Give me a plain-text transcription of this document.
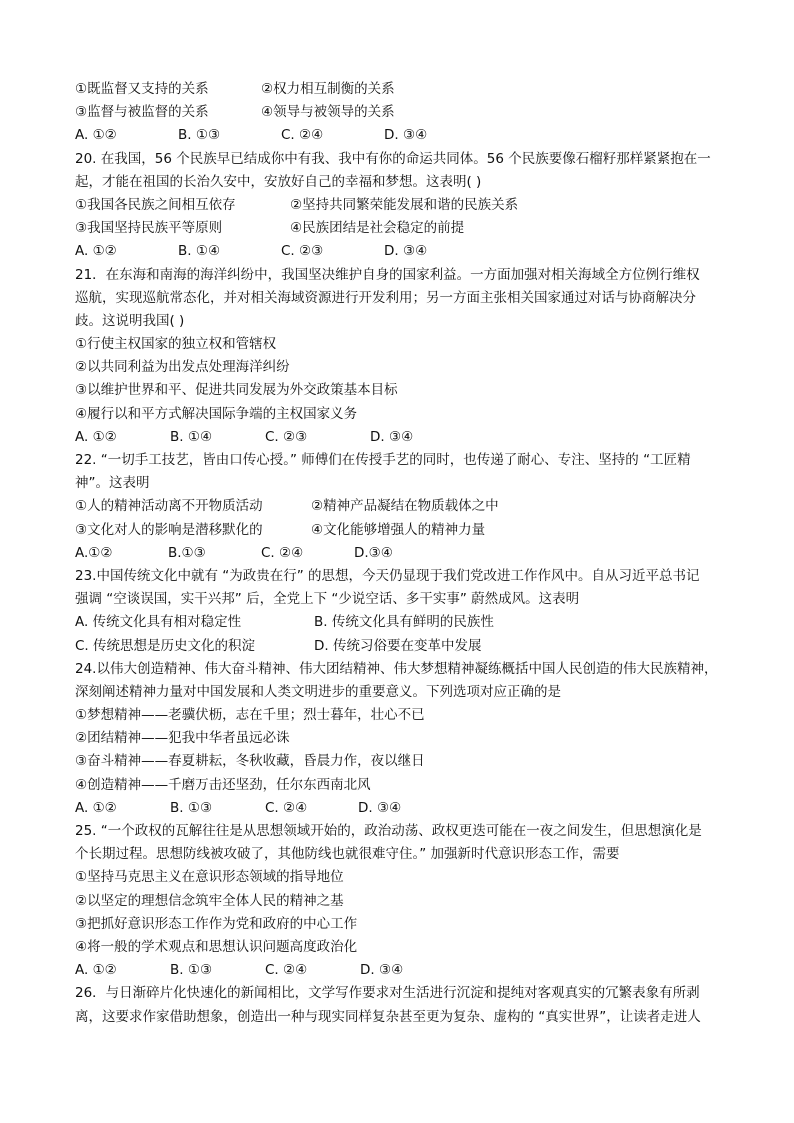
①既监督又支持的关系	②权力相互制衡的关系
③监督与被监督的关系	④领导与被领导的关系
A. ①②	B. ①③	C. ②④	D. ③④
20. 在我国，56 个民族早已结成你中有我、我中有你的命运共同体。56 个民族要像石榴籽那样紧紧抱在一
起，才能在祖国的长治久安中，安放好自己的幸福和梦想。这表明( )
①我国各民族之间相互依存	②坚持共同繁荣能发展和谐的民族关系
③我国坚持民族平等原则	④民族团结是社会稳定的前提
A. ①②	B. ①④	C. ②③	D. ③④
21．在东海和南海的海洋纠纷中，我国坚决维护自身的国家利益。一方面加强对相关海域全方位例行维权
巡航，实现巡航常态化，并对相关海域资源进行开发利用；另一方面主张相关国家通过对话与协商解决分
歧。这说明我国( )
①行使主权国家的独立权和管辖权
②以共同利益为出发点处理海洋纠纷
③以维护世界和平、促进共同发展为外交政策基本目标
④履行以和平方式解决国际争端的主权国家义务
A. ①②	B. ①④	C. ②③	D. ③④
22. “一切手工技艺，皆由口传心授。” 师傅们在传授手艺的同时，也传递了耐心、专注、坚持的 “工匠精
神”。这表明
①人的精神活动离不开物质活动	②精神产品凝结在物质载体之中
③文化对人的影响是潜移默化的	④文化能够增强人的精神力量
A.①②	B.①③	C. ②④	D.③④
23.中国传统文化中就有 “为政贵在行” 的思想，今天仍显现于我们党改进工作作风中。自从习近平总书记
强调 “空谈误国，实干兴邦” 后，全党上下 “少说空话、多干实事” 蔚然成风。这表明
A. 传统文化具有相对稳定性	B. 传统文化具有鲜明的民族性
C. 传统思想是历史文化的积淀	D. 传统习俗要在变革中发展
24.以伟大创造精神、伟大奋斗精神、伟大团结精神、伟大梦想精神凝练概括中国人民创造的伟大民族精神，
深刻阐述精神力量对中国发展和人类文明进步的重要意义。下列选项对应正确的是
①梦想精神——老骥伏枥，志在千里；烈士暮年，壮心不已
②团结精神——犯我中华者虽远必诛
③奋斗精神——春夏耕耘，冬秋收藏，昏晨力作，夜以继日
④创造精神——千磨万击还坚劲，任尔东西南北风
A. ①②	B. ①③	C. ②④	D. ③④
25. “一个政权的瓦解往往是从思想领域开始的，政治动荡、政权更迭可能在一夜之间发生，但思想演化是
个长期过程。思想防线被攻破了，其他防线也就很难守住。” 加强新时代意识形态工作，需要
①坚持马克思主义在意识形态领域的指导地位
②以坚定的理想信念筑牢全体人民的精神之基
③把抓好意识形态工作作为党和政府的中心工作
④将一般的学术观点和思想认识问题高度政治化
A. ①②	B. ①③	C. ②④	D. ③④
26．与日渐碎片化快速化的新闻相比，文学写作要求对生活进行沉淀和提纯对客观真实的冗繁表象有所剥
离，这要求作家借助想象，创造出一种与现实同样复杂甚至更为复杂、虚构的 “真实世界”，让读者走进人
